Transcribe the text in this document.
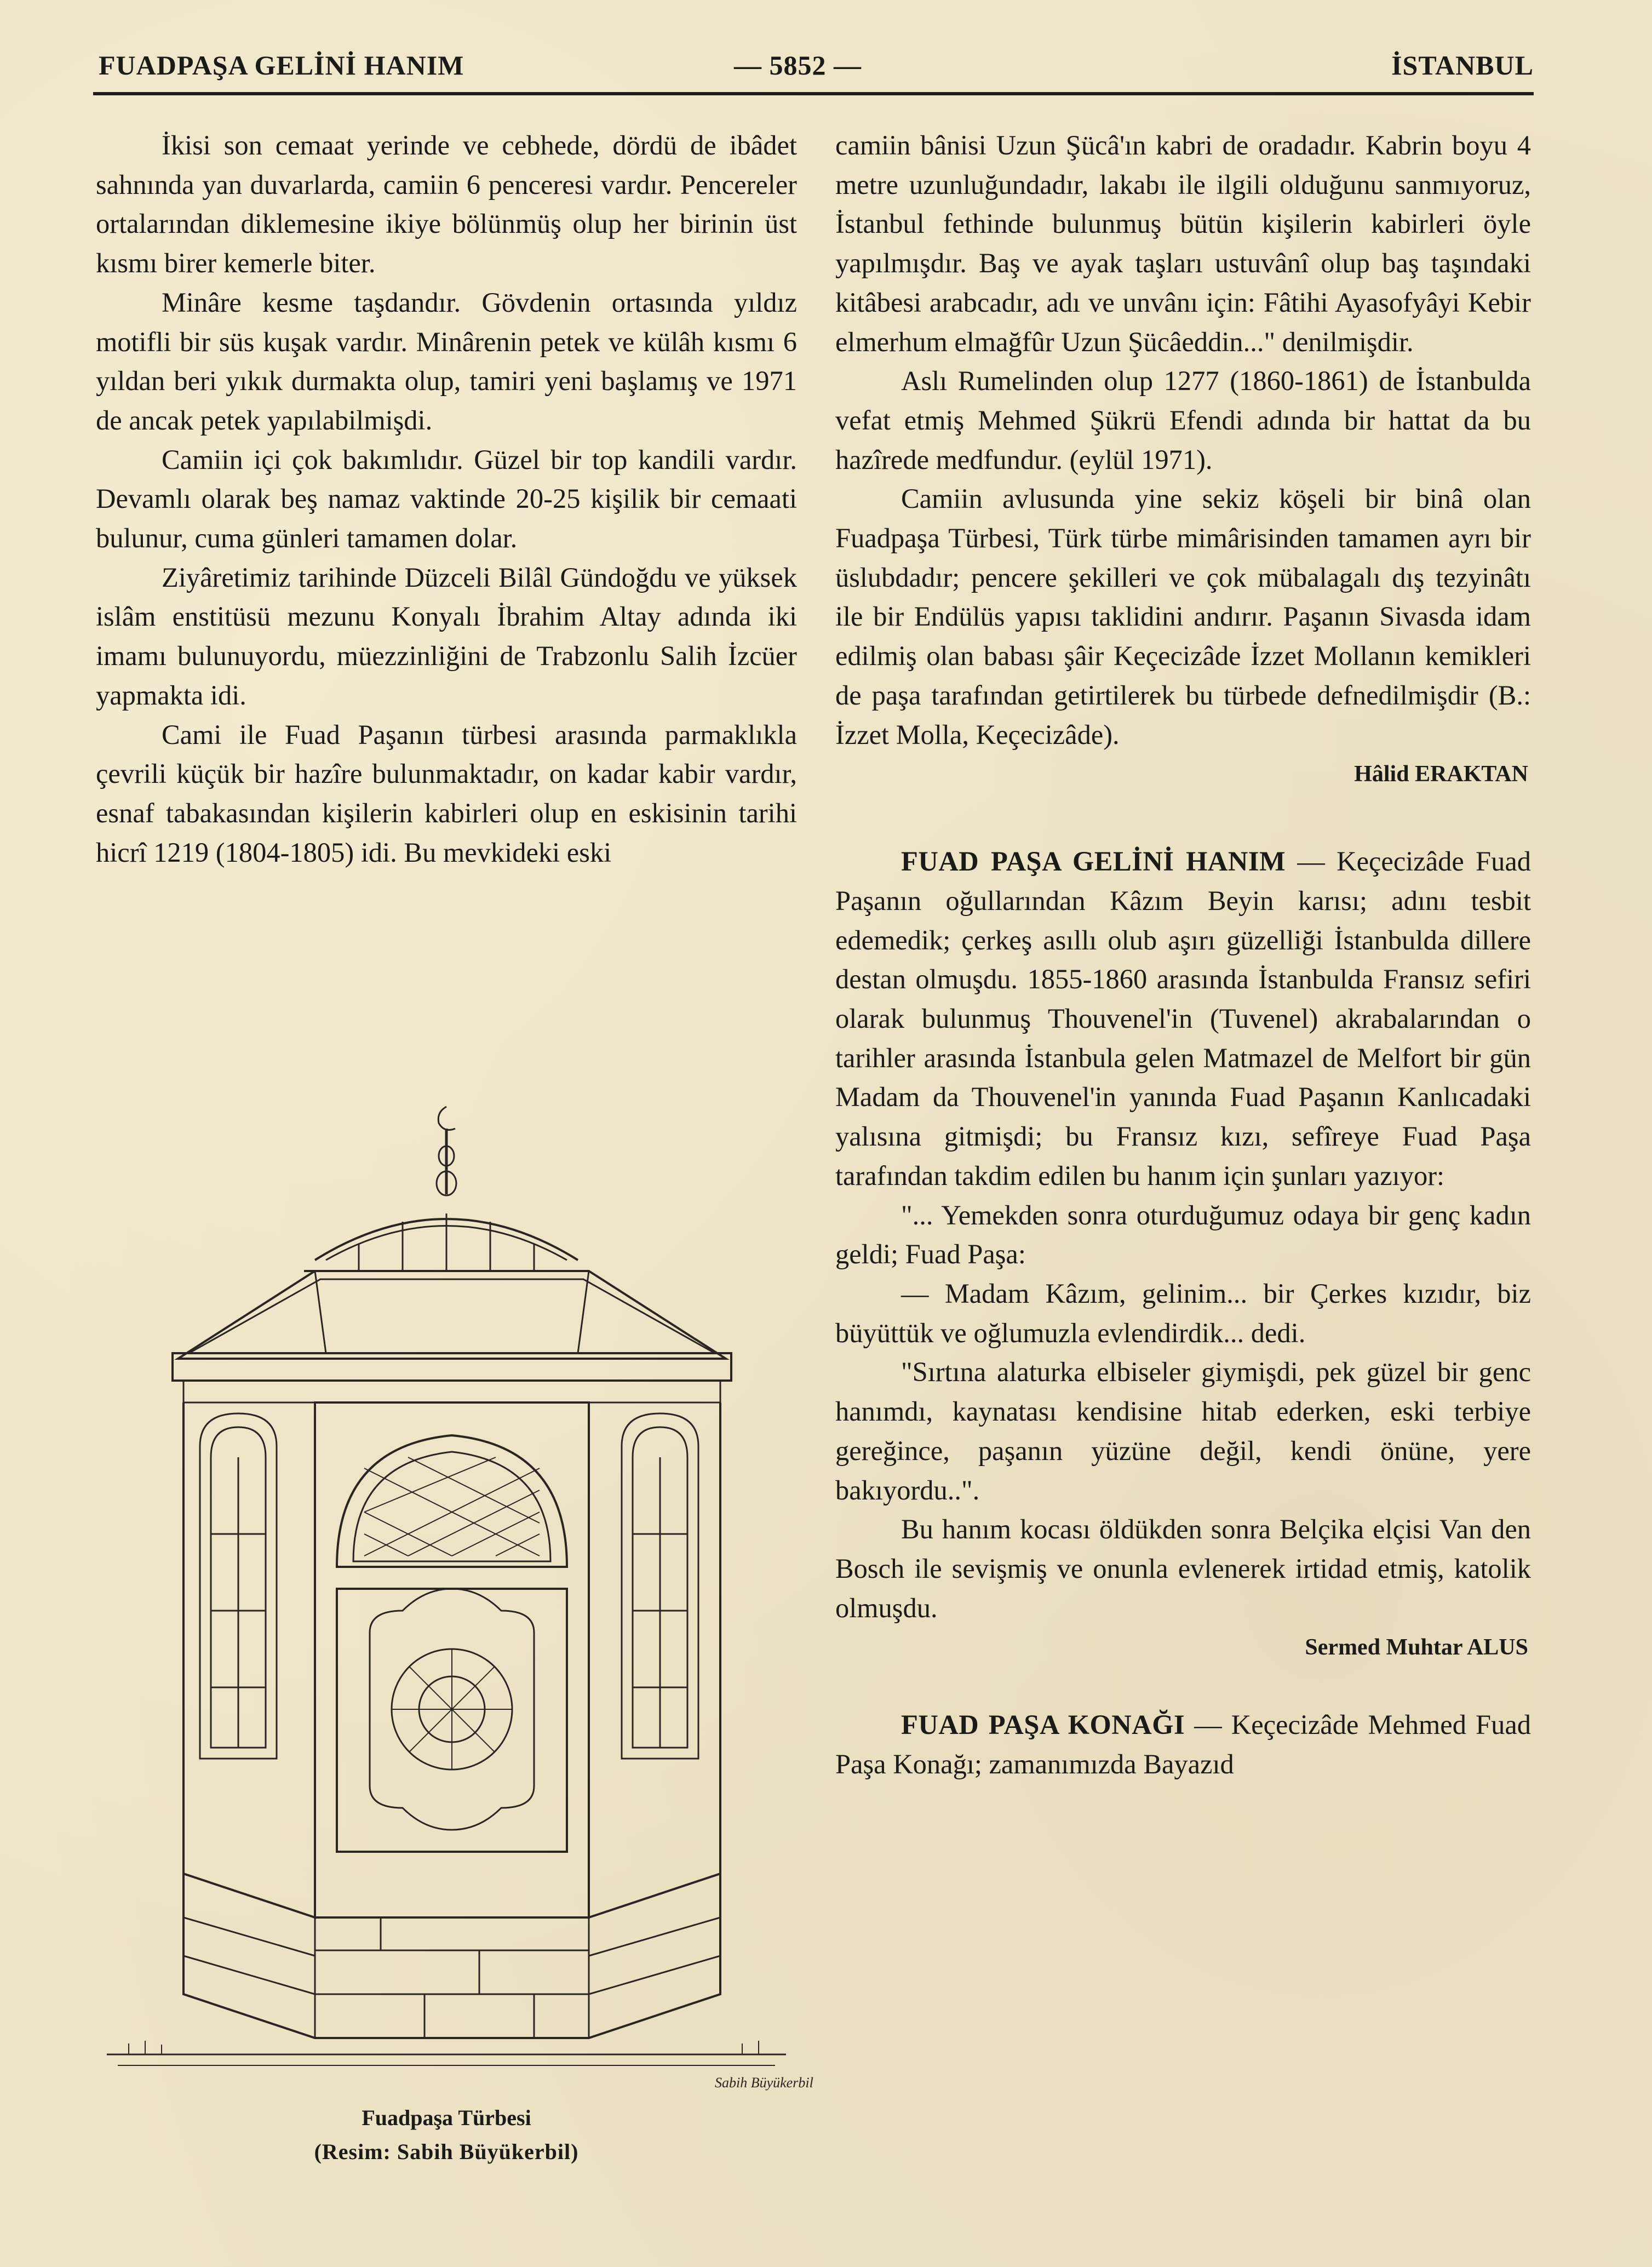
FUADPAŞA GELİNİ HANIM	— 5852 —	İSTANBUL

İkisi son cemaat yerinde ve cebhede, dördü de ibâdet sahnında yan duvarlarda, camiin 6 penceresi vardır. Pencereler ortalarından diklemesine ikiye bölünmüş olup her birinin üst kısmı birer kemerle biter.

Minâre kesme taşdandır. Gövdenin ortasında yıldız motifli bir süs kuşak vardır. Minârenin petek ve külâh kısmı 6 yıldan beri yıkık durmakta olup, tamiri yeni başlamış ve 1971 de ancak petek yapılabilmişdi.

Camiin içi çok bakımlıdır. Güzel bir top kandili vardır. Devamlı olarak beş namaz vaktinde 20-25 kişilik bir cemaati bulunur, cuma günleri tamamen dolar.

Ziyâretimiz tarihinde Düzceli Bilâl Gündoğdu ve yüksek islâm enstitüsü mezunu Konyalı İbrahim Altay adında iki imamı bulunuyordu, müezzinliğini de Trabzonlu Salih İzcüer yapmakta idi.

Cami ile Fuad Paşanın türbesi arasında parmaklıkla çevrili küçük bir hazîre bulunmaktadır, on kadar kabir vardır, esnaf tabakasından kişilerin kabirleri olup en eskisinin tarihi hicrî 1219 (1804-1805) idi. Bu mevkideki eski

Sabih Büyükerbil
Fuadpaşa Türbesi
(Resim: Sabih Büyükerbil)

camiin bânisi Uzun Şücâ'ın kabri de oradadır. Kabrin boyu 4 metre uzunluğundadır, lakabı ile ilgili olduğunu sanmıyoruz, İstanbul fethinde bulunmuş bütün kişilerin kabirleri öyle yapılmışdır. Baş ve ayak taşları ustuvânî olup baş taşındaki kitâbesi arabcadır, adı ve unvânı için: Fâtihi Ayasofyâyi Kebir elmerhum elmağfûr Uzun Şücâeddin..." denilmişdir.

Aslı Rumelinden olup 1277 (1860-1861) de İstanbulda vefat etmiş Mehmed Şükrü Efendi adında bir hattat da bu hazîrede medfundur. (eylül 1971).

Camiin avlusunda yine sekiz köşeli bir binâ olan Fuadpaşa Türbesi, Türk türbe mimârisinden tamamen ayrı bir üslubdadır; pencere şekilleri ve çok mübalagalı dış tezyinâtı ile bir Endülüs yapısı taklidini andırır. Paşanın Sivasda idam edilmiş olan babası şâir Keçecizâde İzzet Mollanın kemikleri de paşa tarafından getirtilerek bu türbede defnedilmişdir (B.: İzzet Molla, Keçecizâde).

Hâlid ERAKTAN

FUAD PAŞA GELİNİ HANIM — Keçecizâde Fuad Paşanın oğullarından Kâzım Beyin karısı; adını tesbit edemedik; çerkeş asıllı olub aşırı güzelliği İstanbulda dillere destan olmuşdu. 1855-1860 arasında İstanbulda Fransız sefiri olarak bulunmuş Thouvenel'in (Tuvenel) akrabalarından o tarihler arasında İstanbula gelen Matmazel de Melfort bir gün Madam da Thouvenel'in yanında Fuad Paşanın Kanlıcadaki yalısına gitmişdi; bu Fransız kızı, sefîreye Fuad Paşa tarafından takdim edilen bu hanım için şunları yazıyor:

"... Yemekden sonra oturduğumuz odaya bir genç kadın geldi; Fuad Paşa:

— Madam Kâzım, gelinim... bir Çerkes kızıdır, biz büyüttük ve oğlumuzla evlendirdik... dedi.

"Sırtına alaturka elbiseler giymişdi, pek güzel bir genc hanımdı, kaynatası kendisine hitab ederken, eski terbiye gereğince, paşanın yüzüne değil, kendi önüne, yere bakıyordu..".

Bu hanım kocası öldükden sonra Belçika elçisi Van den Bosch ile sevişmiş ve onunla evlenerek irtidad etmiş, katolik olmuşdu.

Sermed Muhtar ALUS

FUAD PAŞA KONAĞI — Keçecizâde Mehmed Fuad Paşa Konağı; zamanımızda Bayazıd
